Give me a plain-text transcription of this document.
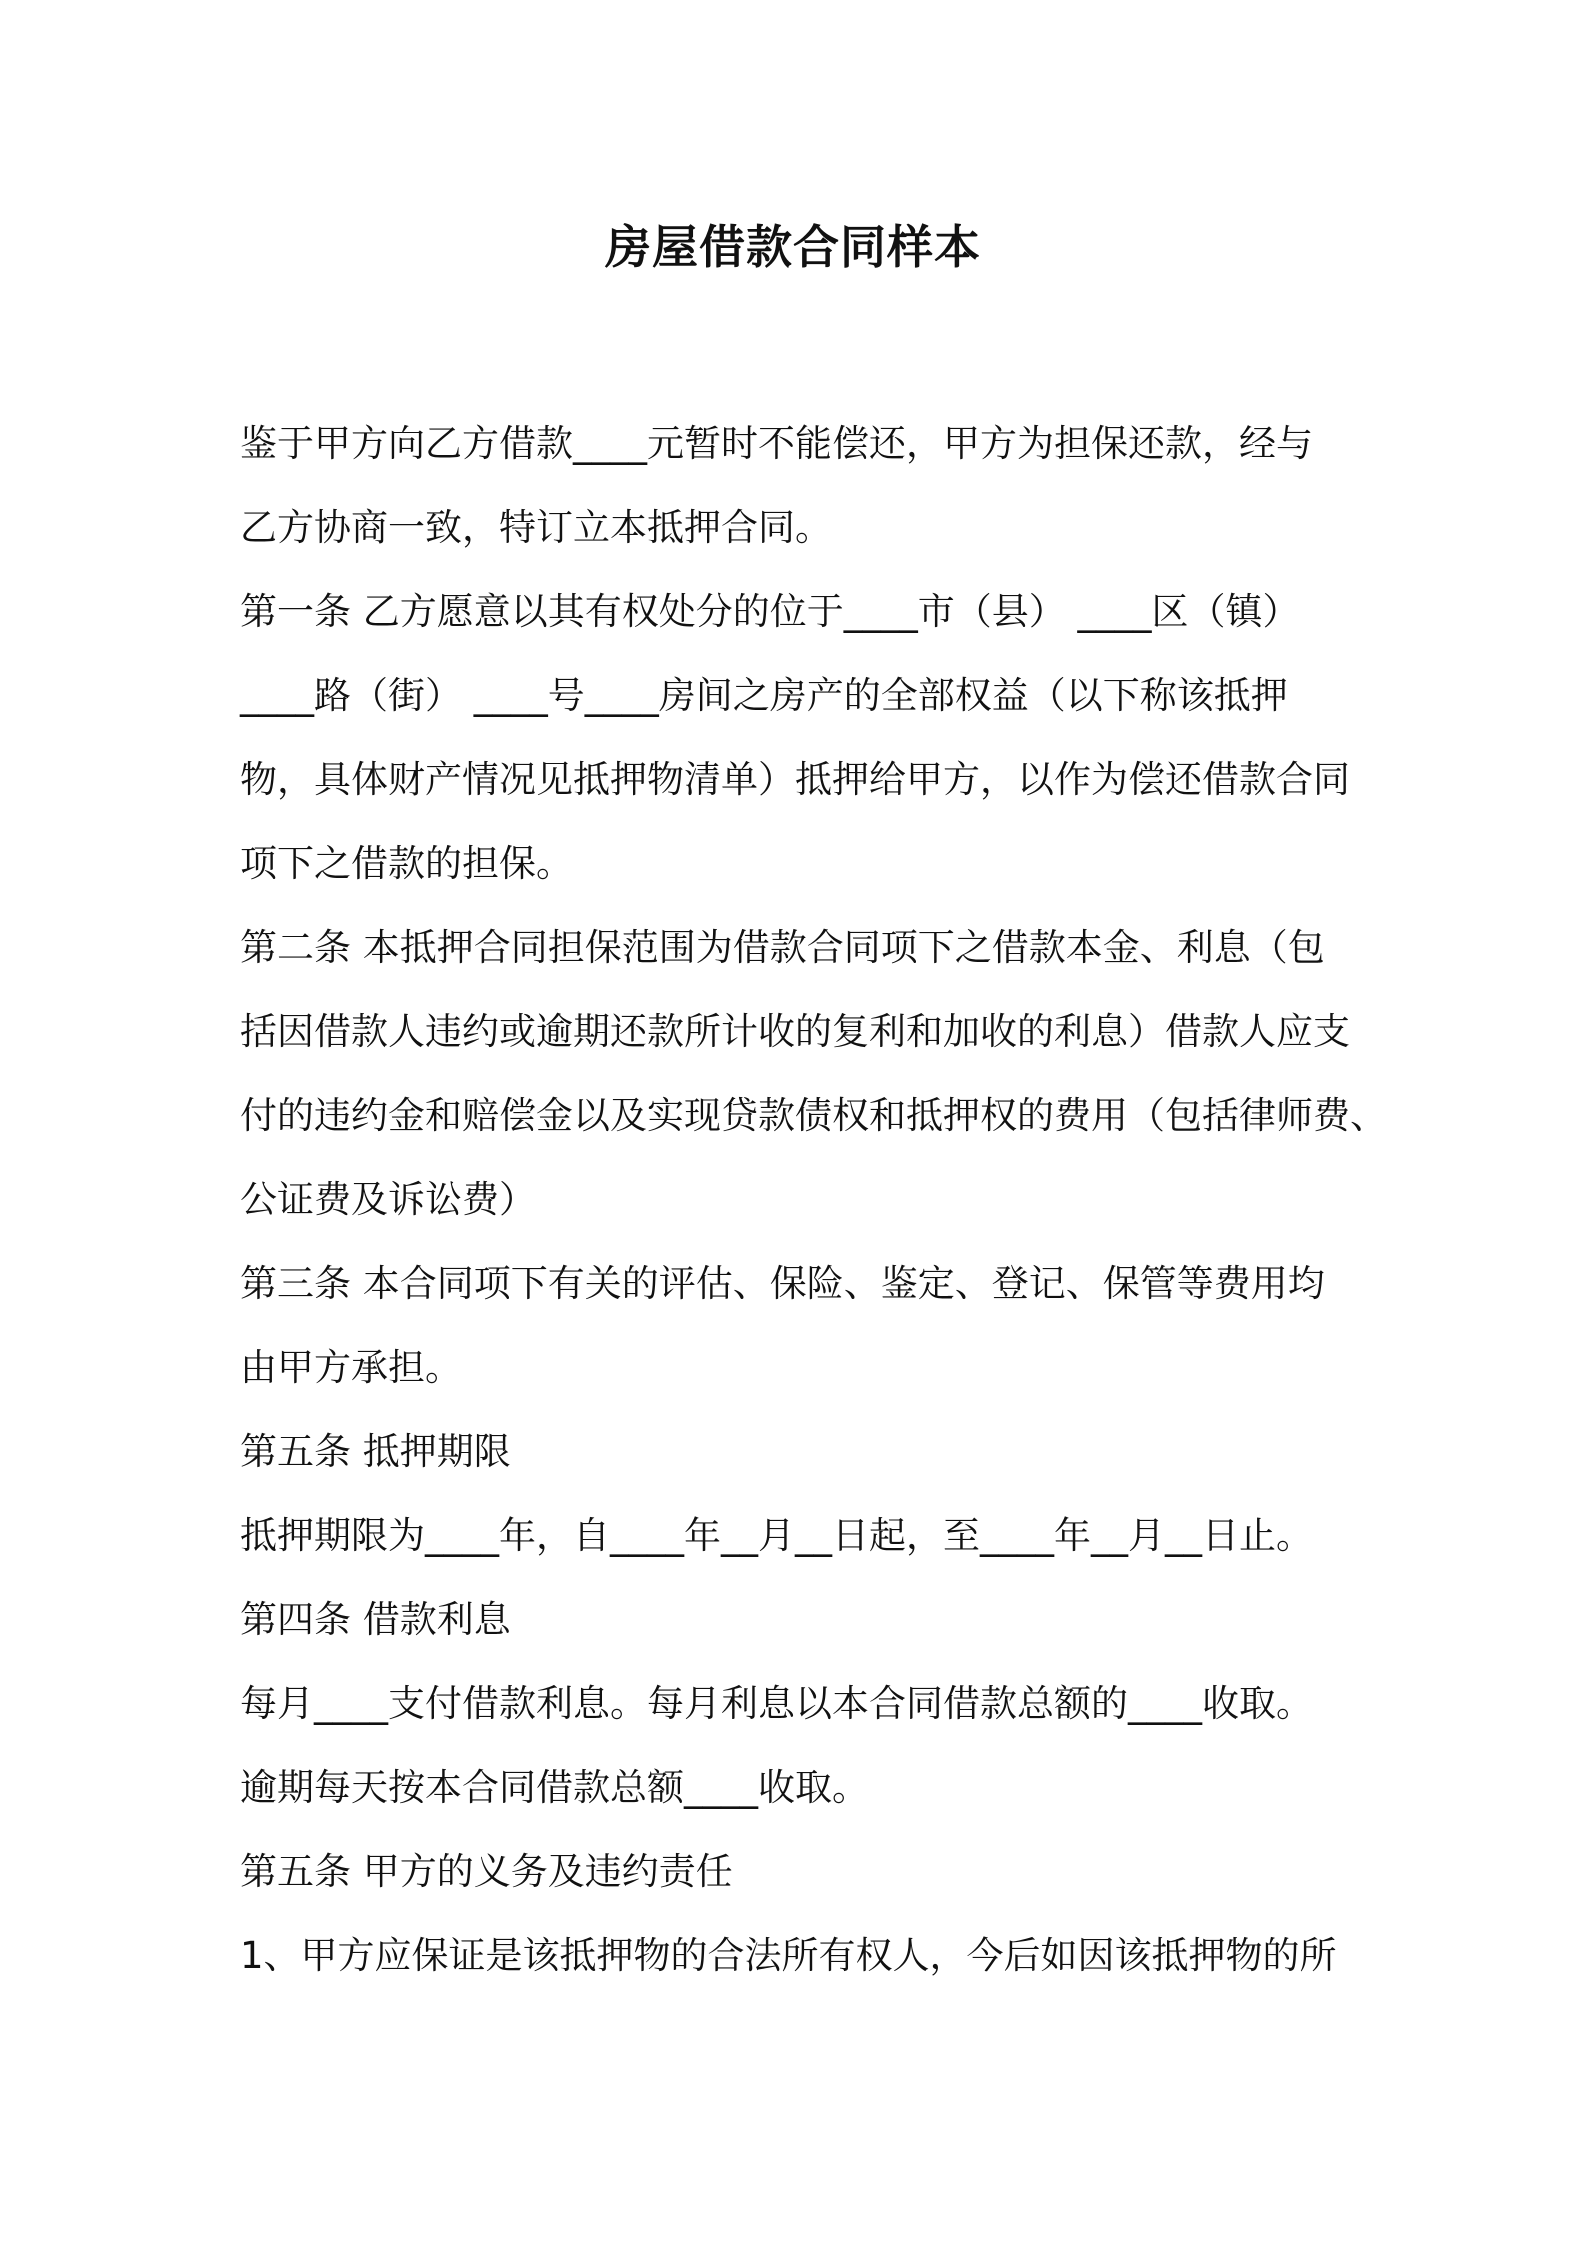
房屋借款合同样本
鉴于甲方向乙方借款____元暂时不能偿还，甲方为担保还款，经与
乙方协商一致，特订立本抵押合同。
第一条 乙方愿意以其有权处分的位于____市（县） ____区（镇）
____路（街） ____号____房间之房产的全部权益（以下称该抵押
物，具体财产情况见抵押物清单）抵押给甲方，以作为偿还借款合同
项下之借款的担保。
第二条 本抵押合同担保范围为借款合同项下之借款本金、利息（包
括因借款人违约或逾期还款所计收的复利和加收的利息）借款人应支
付的违约金和赔偿金以及实现贷款债权和抵押权的费用（包括律师费、
公证费及诉讼费）
第三条 本合同项下有关的评估、保险、鉴定、登记、保管等费用均
由甲方承担。
第五条 抵押期限
抵押期限为____年，自____年__月__日起，至____年__月__日止。
第四条 借款利息
每月____支付借款利息。每月利息以本合同借款总额的____收取。
逾期每天按本合同借款总额____收取。
第五条 甲方的义务及违约责任
1、甲方应保证是该抵押物的合法所有权人，今后如因该抵押物的所
